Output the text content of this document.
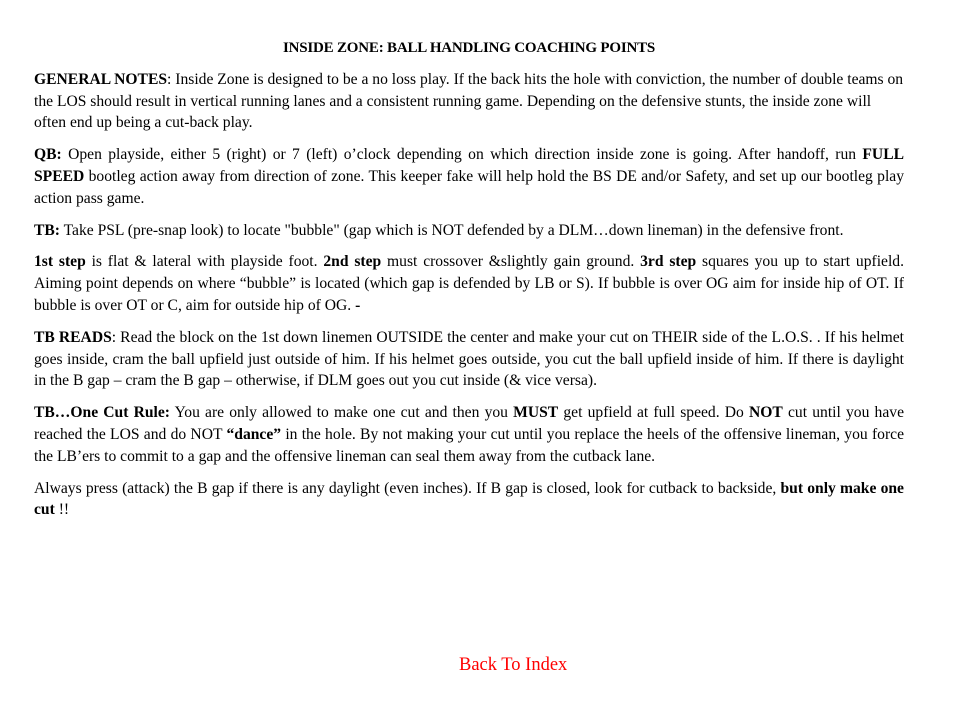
INSIDE ZONE: BALL HANDLING COACHING POINTS

GENERAL NOTES: Inside Zone is designed to be a no loss play. If the back hits the hole with conviction, the number of double teams on the LOS should result in vertical running lanes and a consistent running game. Depending on the defensive stunts, the inside zone will often end up being a cut-back play.

QB: Open playside, either 5 (right) or 7 (left) o’clock depending on which direction inside zone is going. After handoff, run FULL SPEED bootleg action away from direction of zone. This keeper fake will help hold the BS DE and/or Safety, and set up our bootleg play action pass game.

TB: Take PSL (pre-snap look) to locate "bubble" (gap which is NOT defended by a DLM…down lineman) in the defensive front.

1st step is flat & lateral with playside foot. 2nd step must crossover &slightly gain ground. 3rd step squares you up to start upfield. Aiming point depends on where “bubble” is located (which gap is defended by LB or S). If bubble is over OG aim for inside hip of OT. If bubble is over OT or C, aim for outside hip of OG. -

TB READS: Read the block on the 1st down linemen OUTSIDE the center and make your cut on THEIR side of the L.O.S. . If his helmet goes inside, cram the ball upfield just outside of him. If his helmet goes outside, you cut the ball upfield inside of him. If there is daylight in the B gap – cram the B gap – otherwise, if DLM goes out you cut inside (& vice versa).

TB…One Cut Rule: You are only allowed to make one cut and then you MUST get upfield at full speed. Do NOT cut until you have reached the LOS and do NOT “dance” in the hole. By not making your cut until you replace the heels of the offensive lineman, you force the LB’ers to commit to a gap and the offensive lineman can seal them away from the cutback lane.

Always press (attack) the B gap if there is any daylight (even inches). If B gap is closed, look for cutback to backside, but only make one cut !!

Back To Index
